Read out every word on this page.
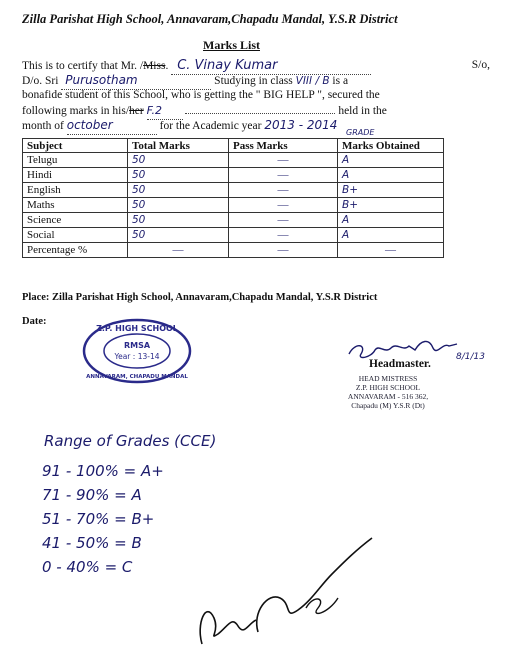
Zilla Parishat High School, Annavaram,Chapadu Mandal, Y.S.R District
Marks List
This is to certify that Mr. /Miss. C. Vinay Kumar	S/o,
D/o. Sri Purusotham	Studying in class VIII / B is a
bonafide student of this School, who is getting the " BIG HELP ", secured the
following marks in his/her F.2	held in the
month of october	for the Academic year 2013 - 2014
GRADE
Subject	Total Marks	Pass Marks	Marks Obtained
Telugu	50	—	A
Hindi	50	—	A
English	50	—	B+
Maths	50	—	B+
Science	50	—	A
Social	50	—	A
Percentage %	—	—	—
Place: Zilla Parishat High School, Annavaram,Chapadu Mandal, Y.S.R District
Date:
Z.P. HIGH SCHOOL
RMSA
Year : 13-14
ANNAVARAM, CHAPADU MANDAL
8/1/13
Headmaster.
HEAD MISTRESS
Z.P. HIGH SCHOOL
ANNAVARAM - 516 362,
Chapadu (M) Y.S.R (Dt)
Range of Grades (CCE)
91 - 100% = A+
71 - 90% = A
51 - 70% = B+
41 - 50% = B
0 - 40% = C
